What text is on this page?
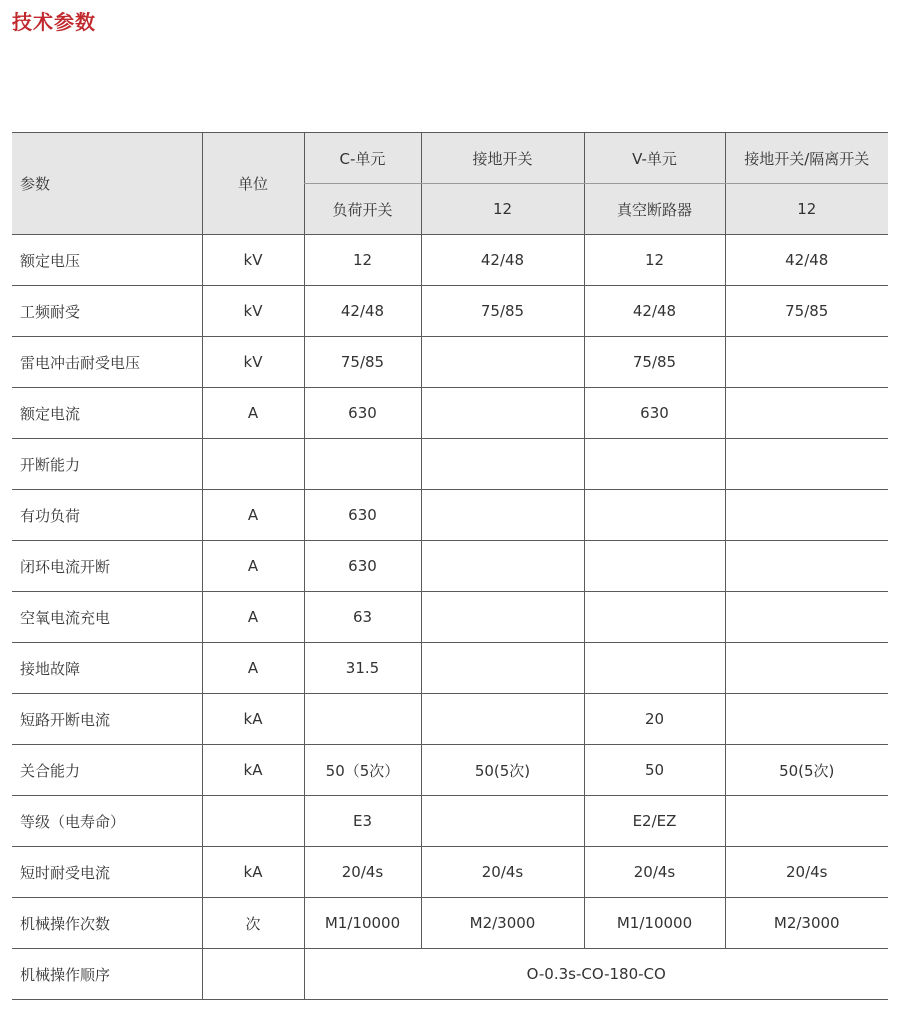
技术参数
参数	单位	C-单元	接地开关	V-单元	接地开关/隔离开关
		负荷开关	12	真空断路器	12
额定电压	kV	12	42/48	12	42/48
工频耐受	kV	42/48	75/85	42/48	75/85
雷电冲击耐受电压	kV	75/85		75/85	
额定电流	A	630		630	
开断能力					
有功负荷	A	630			
闭环电流开断	A	630			
空氧电流充电	A	63			
接地故障	A	31.5			
短路开断电流	kA			20	
关合能力	kA	50（5次）	50(5次)	50	50(5次)
等级（电寿命）		E3		E2/EZ	
短时耐受电流	kA	20/4s	20/4s	20/4s	20/4s
机械操作次数	次	M1/10000	M2/3000	M1/10000	M2/3000
机械操作顺序		O-0.3s-CO-180-CO			
